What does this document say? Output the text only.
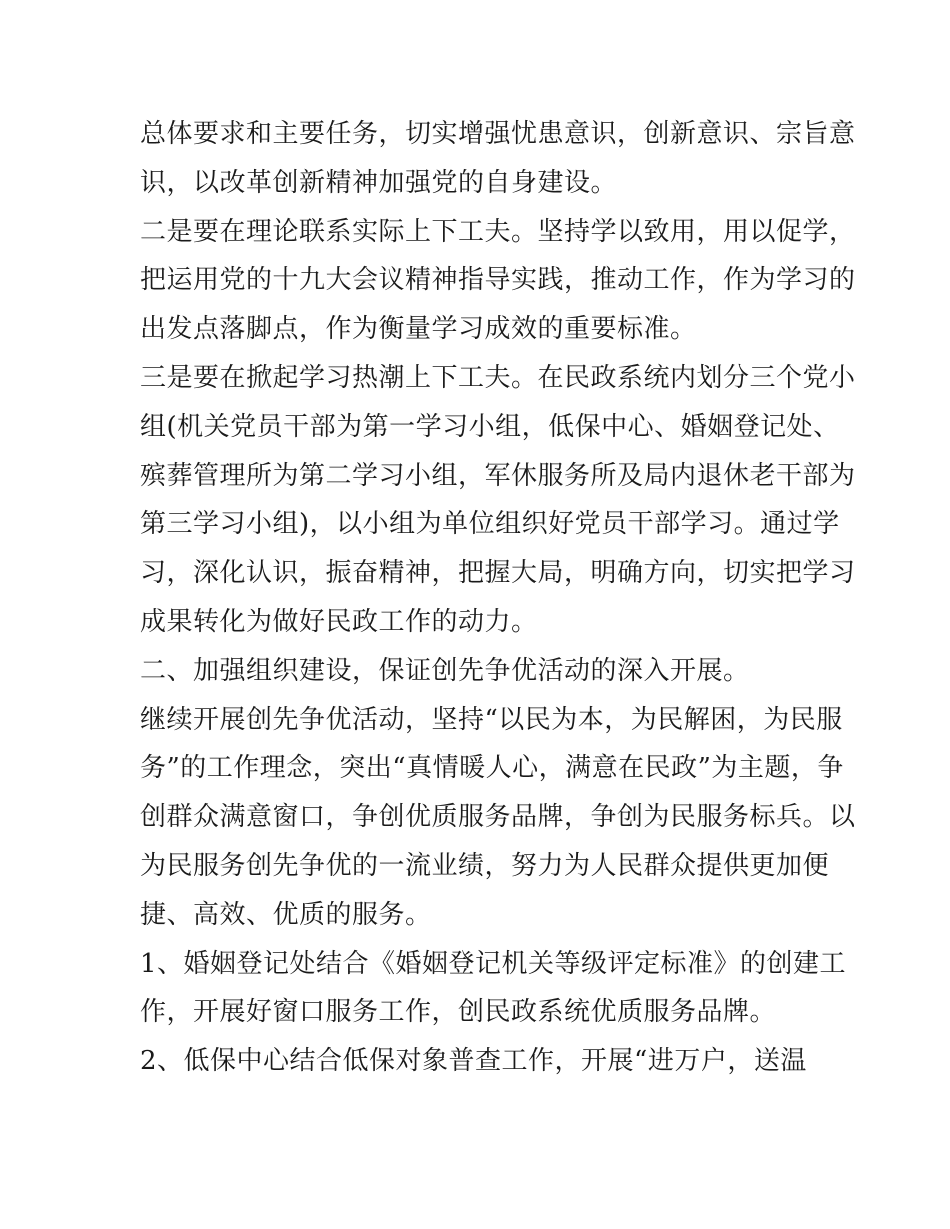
总体要求和主要任务，切实增强忧患意识，创新意识、宗旨意
识，以改革创新精神加强党的自身建设。
二是要在理论联系实际上下工夫。坚持学以致用，用以促学，
把运用党的十九大会议精神指导实践，推动工作，作为学习的
出发点落脚点，作为衡量学习成效的重要标准。
三是要在掀起学习热潮上下工夫。在民政系统内划分三个党小
组(机关党员干部为第一学习小组，低保中心、婚姻登记处、
殡葬管理所为第二学习小组，军休服务所及局内退休老干部为
第三学习小组)，以小组为单位组织好党员干部学习。通过学
习，深化认识，振奋精神，把握大局，明确方向，切实把学习
成果转化为做好民政工作的动力。
二、加强组织建设，保证创先争优活动的深入开展。
继续开展创先争优活动，坚持“以民为本，为民解困，为民服
务”的工作理念，突出“真情暖人心，满意在民政”为主题，争
创群众满意窗口，争创优质服务品牌，争创为民服务标兵。以
为民服务创先争优的一流业绩，努力为人民群众提供更加便
捷、高效、优质的服务。
1、婚姻登记处结合《婚姻登记机关等级评定标准》的创建工
作，开展好窗口服务工作，创民政系统优质服务品牌。
2、低保中心结合低保对象普查工作，开展“进万户，送温
